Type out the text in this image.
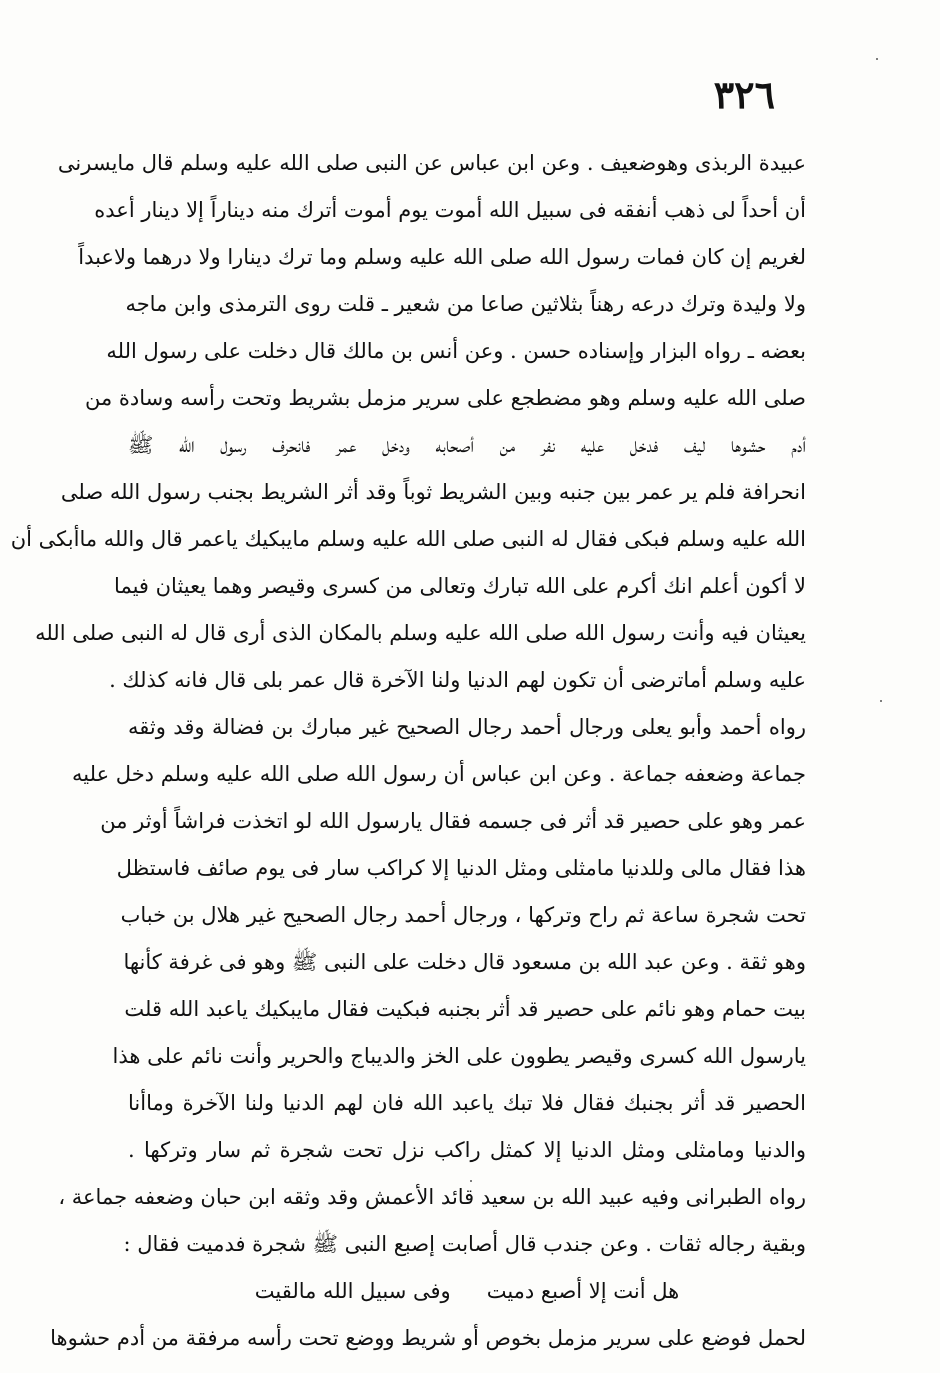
٣٢٦
عبيدة الربذى وهوضعيف . وعن ابن عباس عن النبى صلى الله عليه وسلم قال مايسرنى
أن أحداً لى ذهب أنفقه فى سبيل الله أموت يوم أموت أترك منه ديناراً إلا دينار أعده
لغريم إن كان فمات رسول الله صلى الله عليه وسلم وما ترك دينارا ولا درهما ولاعبداً
ولا وليدة وترك درعه رهناً بثلاثين صاعا من شعير ـ قلت روى الترمذى وابن ماجه
بعضه ـ رواه البزار وإسناده حسن . وعن أنس بن مالك قال دخلت على رسول الله
صلى الله عليه وسلم وهو مضطجع على سرير مزمل بشريط وتحت رأسه وسادة من
أدم حشوها ليف فدخل عليه نفر من أصحابه ودخل عمر فانحرف رسول الله ﷺ
انحرافة فلم ير عمر بين جنبه وبين الشريط ثوباً وقد أثر الشريط بجنب رسول الله صلى
الله عليه وسلم فبكى فقال له النبى صلى الله عليه وسلم مايبكيك ياعمر قال والله ماأبكى أن
لا أكون أعلم انك أكرم على الله تبارك وتعالى من كسرى وقيصر وهما يعيثان فيما
يعيثان فيه وأنت رسول الله صلى الله عليه وسلم بالمكان الذى أرى قال له النبى صلى الله
عليه وسلم أماترضى أن تكون لهم الدنيا ولنا الآخرة قال عمر بلى قال فانه كذلك .
رواه أحمد وأبو يعلى ورجال أحمد رجال الصحيح غير مبارك بن فضالة وقد وثقه
جماعة وضعفه جماعة . وعن ابن عباس أن رسول الله صلى الله عليه وسلم دخل عليه
عمر وهو على حصير قد أثر فى جسمه فقال يارسول الله لو اتخذت فراشاً أوثر من
هذا فقال مالى وللدنيا مامثلى ومثل الدنيا إلا كراكب سار فى يوم صائف فاستظل
تحت شجرة ساعة ثم راح وتركها ، ورجال أحمد رجال الصحيح غير هلال بن خباب
وهو ثقة . وعن عبد الله بن مسعود قال دخلت على النبى ﷺ وهو فى غرفة كأنها
بيت حمام وهو نائم على حصير قد أثر بجنبه فبكيت فقال مايبكيك ياعبد الله قلت
يارسول الله كسرى وقيصر يطوون على الخز والديباج والحرير وأنت نائم على هذا
الحصير قد أثر بجنبك فقال فلا تبك ياعبد الله فان لهم الدنيا ولنا الآخرة وماأنا
والدنيا ومامثلى ومثل الدنيا إلا كمثل راكب نزل تحت شجرة ثم سار وتركها .
رواه الطبرانى وفيه عبيد الله بن سعيد قائد الأعمش وقد وثقه ابن حبان وضعفه جماعة ،
وبقية رجاله ثقات . وعن جندب قال أصابت إصبع النبى ﷺ شجرة فدميت فقال :
هل أنت إلا أصبع دميتوفى سبيل الله مالقيت
لحمل فوضع على سرير مزمل بخوص أو شريط ووضع تحت رأسه مرفقة من أدم حشوها
